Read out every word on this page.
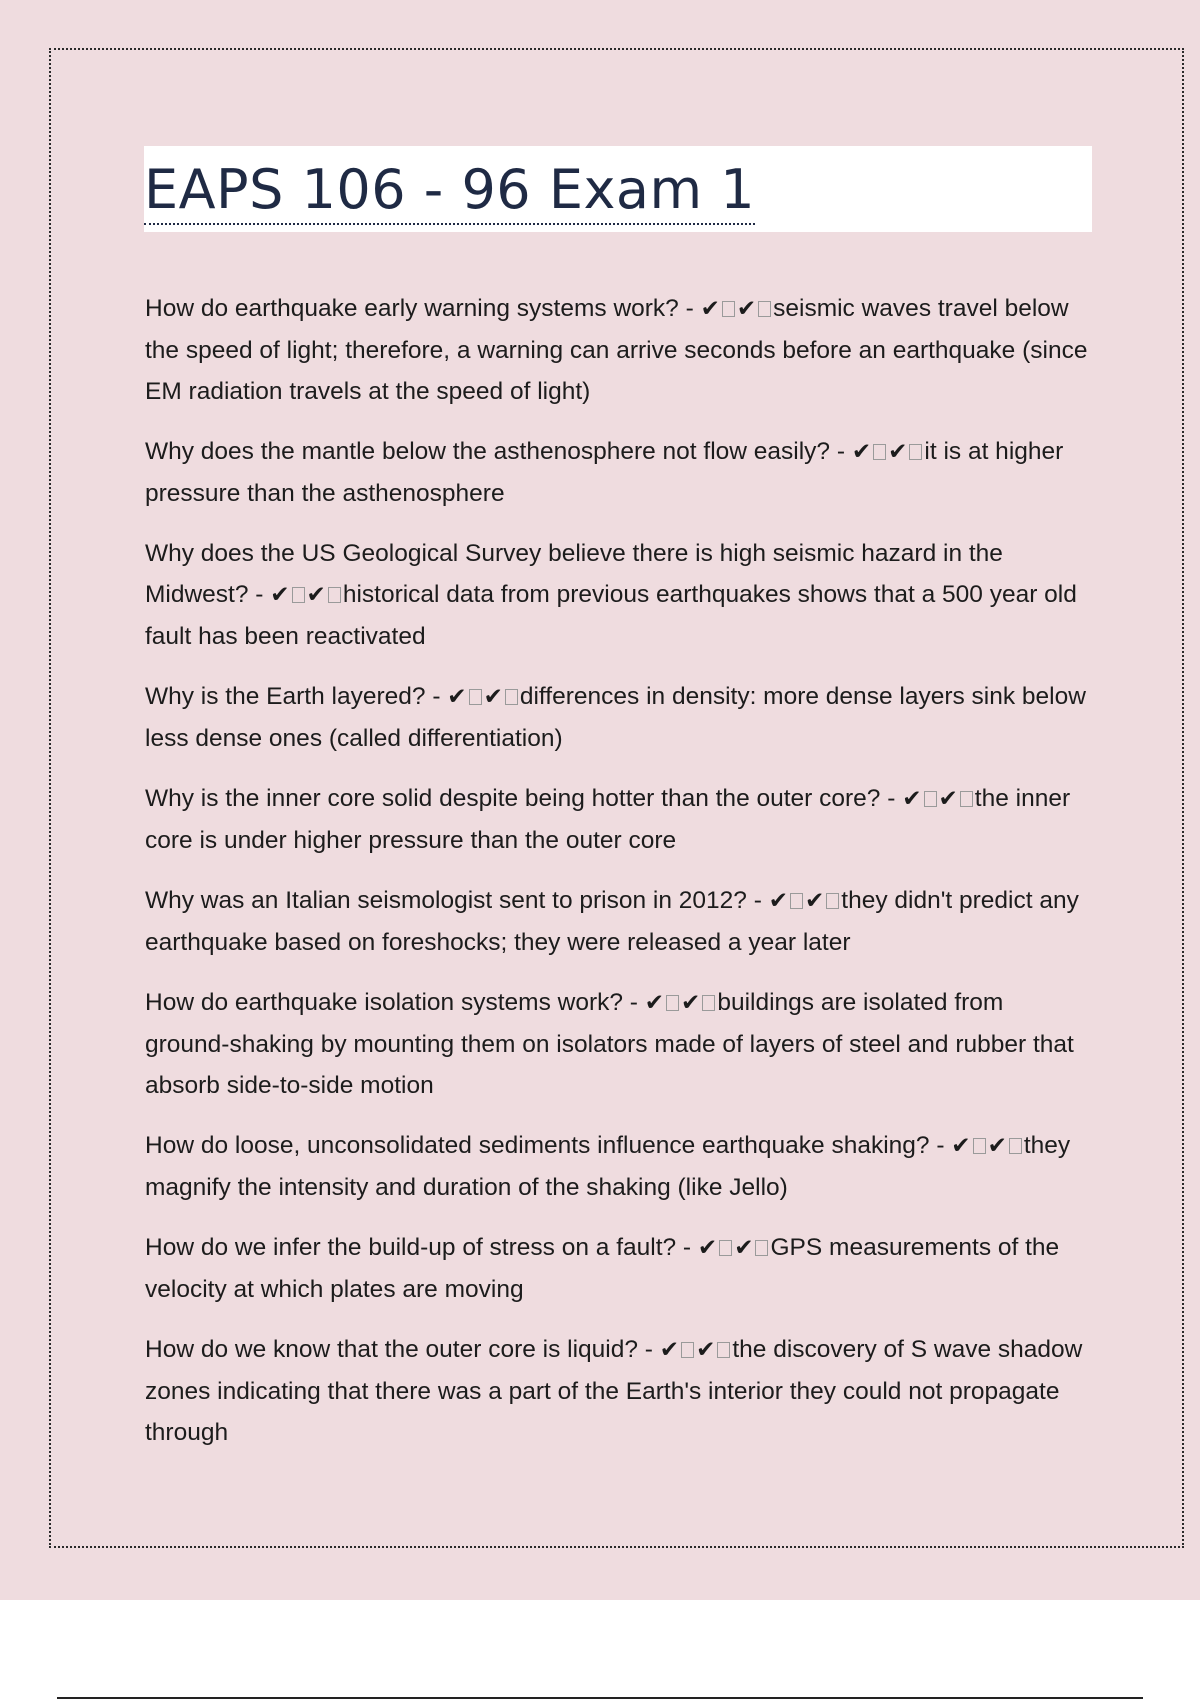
EAPS 106 - 96 Exam 1

How do earthquake early warning systems work? - ✔ ✔ seismic waves travel below the speed of light; therefore, a warning can arrive seconds before an earthquake (since EM radiation travels at the speed of light)

Why does the mantle below the asthenosphere not flow easily? - ✔ ✔ it is at higher pressure than the asthenosphere

Why does the US Geological Survey believe there is high seismic hazard in the Midwest? - ✔ ✔ historical data from previous earthquakes shows that a 500 year old fault has been reactivated

Why is the Earth layered? - ✔ ✔ differences in density: more dense layers sink below less dense ones (called differentiation)

Why is the inner core solid despite being hotter than the outer core? - ✔ ✔ the inner core is under higher pressure than the outer core

Why was an Italian seismologist sent to prison in 2012? - ✔ ✔ they didn't predict any earthquake based on foreshocks; they were released a year later

How do earthquake isolation systems work? - ✔ ✔ buildings are isolated from ground-shaking by mounting them on isolators made of layers of steel and rubber that absorb side-to-side motion

How do loose, unconsolidated sediments influence earthquake shaking? - ✔ ✔ they magnify the intensity and duration of the shaking (like Jello)

How do we infer the build-up of stress on a fault? - ✔ ✔ GPS measurements of the velocity at which plates are moving

How do we know that the outer core is liquid? - ✔ ✔ the discovery of S wave shadow zones indicating that there was a part of the Earth's interior they could not propagate through
